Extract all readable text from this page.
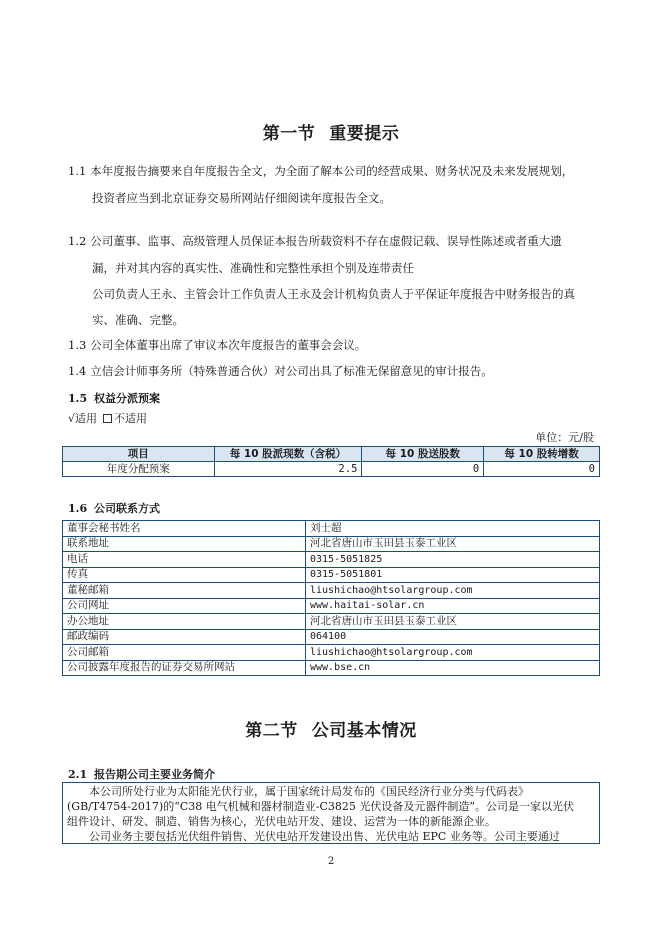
第一节 重要提示
1.1 本年度报告摘要来自年度报告全文，为全面了解本公司的经营成果、财务状况及未来发展规划，
投资者应当到北京证券交易所网站仔细阅读年度报告全文。
1.2 公司董事、监事、高级管理人员保证本报告所载资料不存在虚假记载、误导性陈述或者重大遗
漏，并对其内容的真实性、准确性和完整性承担个别及连带责任
公司负责人王永、主管会计工作负责人王永及会计机构负责人于平保证年度报告中财务报告的真
实、准确、完整。
1.3 公司全体董事出席了审议本次年度报告的董事会会议。
1.4 立信会计师事务所（特殊普通合伙）对公司出具了标准无保留意见的审计报告。
1.5 权益分派预案
√适用 不适用
单位：元/股
项目	每 10 股派现数（含税）	每 10 股送股数	每 10 股转增数
年度分配预案	2.5	0	0
1.6 公司联系方式
董事会秘书姓名	刘士超
联系地址	河北省唐山市玉田县玉泰工业区
电话	0315-5051825
传真	0315-5051801
董秘邮箱	liushichao@htsolargroup.com
公司网址	www.haitai-solar.cn
办公地址	河北省唐山市玉田县玉泰工业区
邮政编码	064100
公司邮箱	liushichao@htsolargroup.com
公司披露年度报告的证券交易所网站	www.bse.cn
第二节 公司基本情况
2.1 报告期公司主要业务简介

本公司所处行业为太阳能光伏行业，属于国家统计局发布的《国民经济行业分类与代码表》

(GB/T4754-2017)的“C38 电气机械和器材制造业-C3825 光伏设备及元器件制造”。公司是一家以光伏
组件设计、研发、制造、销售为核心，光伏电站开发、建设、运营为一体的新能源企业。

公司业务主要包括光伏组件销售、光伏电站开发建设出售、光伏电站 EPC 业务等。公司主要通过

2
